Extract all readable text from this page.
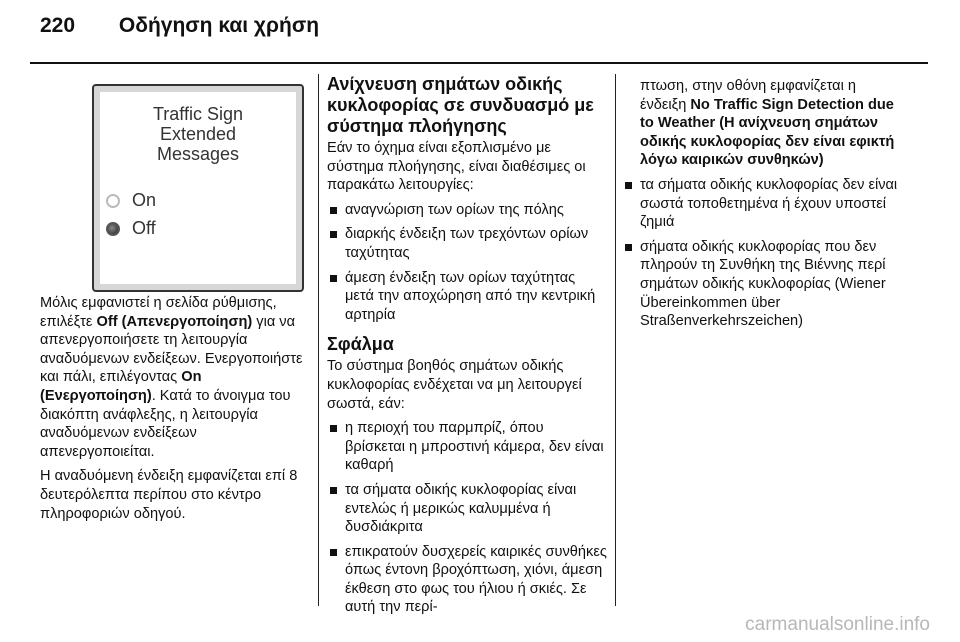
220 Οδήγηση και χρήση
Traffic Sign
Extended
Messages
On
Off

Μόλις εμφανιστεί η σελίδα ρύθμισης, επιλέξτε Off (Απενεργοποίηση) για να απενεργοποιήσετε τη λειτουργία αναδυόμενων ενδείξεων. Ενεργοποιήστε και πάλι, επιλέγοντας On (Ενεργοποίηση). Κατά το άνοιγμα του διακόπτη ανάφλεξης, η λειτουργία αναδυόμενων ενδείξεων απενεργοποιείται.

Η αναδυόμενη ένδειξη εμφανίζεται επί 8 δευτερόλεπτα περίπου στο κέντρο πληροφοριών οδηγού.

Ανίχνευση σημάτων οδικής κυκλοφορίας σε συνδυασμό με σύστημα πλοήγησης

Εάν το όχημα είναι εξοπλισμένο με σύστημα πλοήγησης, είναι διαθέσιμες οι παρακάτω λειτουργίες:

αναγνώριση των ορίων της πόλης
διαρκής ένδειξη των τρεχόντων ορίων ταχύτητας
άμεση ένδειξη των ορίων ταχύτητας μετά την αποχώρηση από την κεντρική αρτηρία
Σφάλμα

Το σύστημα βοηθός σημάτων οδικής κυκλοφορίας ενδέχεται να μη λειτουργεί σωστά, εάν:

η περιοχή του παρμπρίζ, όπου βρίσκεται η μπροστινή κάμερα, δεν είναι καθαρή
τα σήματα οδικής κυκλοφορίας είναι εντελώς ή μερικώς καλυμμένα ή δυσδιάκριτα
επικρατούν δυσχερείς καιρικές συνθήκες όπως έντονη βροχόπτωση, χιόνι, άμεση έκθεση στο φως του ήλιου ή σκιές. Σε αυτή την περί-

πτωση, στην οθόνη εμφανίζεται η ένδειξη No Traffic Sign Detection due to Weather (Η ανίχνευση σημάτων οδικής κυκλοφορίας δεν είναι εφικτή λόγω καιρικών συνθηκών)

τα σήματα οδικής κυκλοφορίας δεν είναι σωστά τοποθετημένα ή έχουν υποστεί ζημιά
σήματα οδικής κυκλοφορίας που δεν πληρούν τη Συνθήκη της Βιέννης περί σημάτων οδικής κυκλοφορίας (Wiener Übereinkommen über Straßenverkehrszeichen)
carmanualsonline.info
